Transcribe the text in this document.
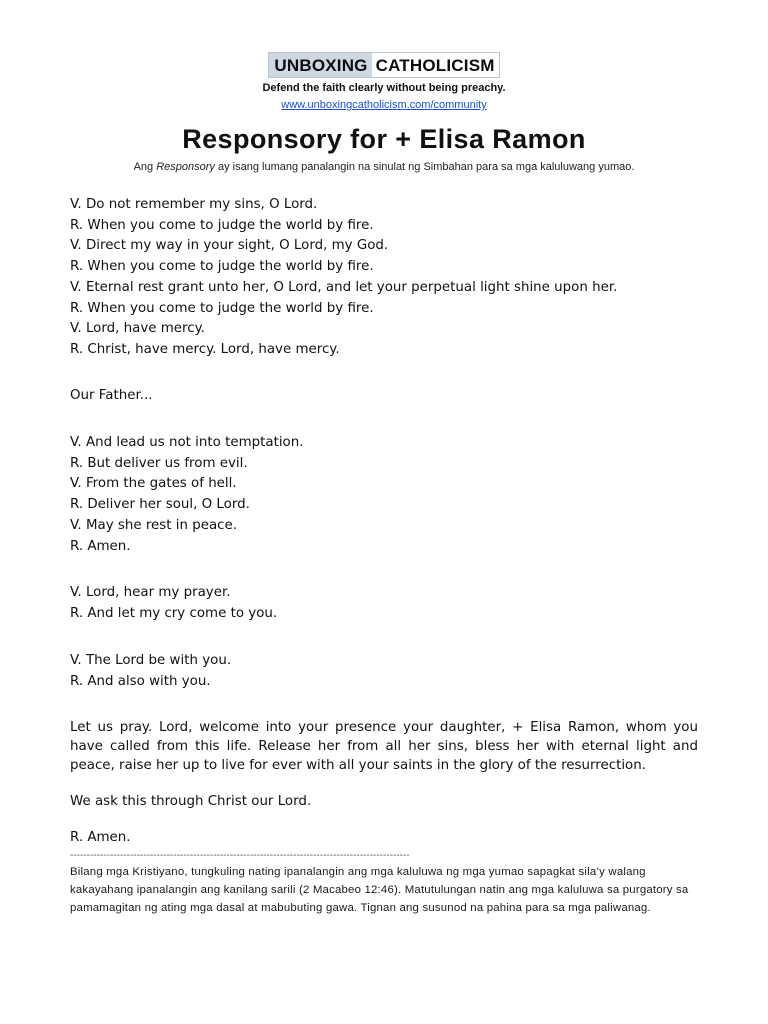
UNBOXING CATHOLICISM
Defend the faith clearly without being preachy.
www.unboxingcatholicism.com/community
Responsory for + Elisa Ramon
Ang Responsory ay isang lumang panalangin na sinulat ng Simbahan para sa mga kaluluwang yumao.
V. Do not remember my sins, O Lord.
R. When you come to judge the world by fire.
V. Direct my way in your sight, O Lord, my God.
R. When you come to judge the world by fire.
V. Eternal rest grant unto her, O Lord, and let your perpetual light shine upon her.
R. When you come to judge the world by fire.
V. Lord, have mercy.
R. Christ, have mercy. Lord, have mercy.
Our Father...
V. And lead us not into temptation.
R. But deliver us from evil.
V. From the gates of hell.
R. Deliver her soul, O Lord.
V. May she rest in peace.
R. Amen.
V. Lord, hear my prayer.
R. And let my cry come to you.
V. The Lord be with you.
R. And also with you.
Let us pray. Lord, welcome into your presence your daughter, + Elisa Ramon, whom you have called from this life. Release her from all her sins, bless her with eternal light and peace, raise her up to live for ever with all your saints in the glory of the resurrection.
We ask this through Christ our Lord.
R. Amen.
------------------------------------------------------------------------------------------------------
Bilang mga Kristiyano, tungkuling nating ipanalangin ang mga kaluluwa ng mga yumao sapagkat sila’y walang kakayahang ipanalangin ang kanilang sarili (2 Macabeo 12:46). Matutulungan natin ang mga kaluluwa sa purgatory sa pamamagitan ng ating mga dasal at mabubuting gawa. Tignan ang susunod na pahina para sa mga paliwanag.
